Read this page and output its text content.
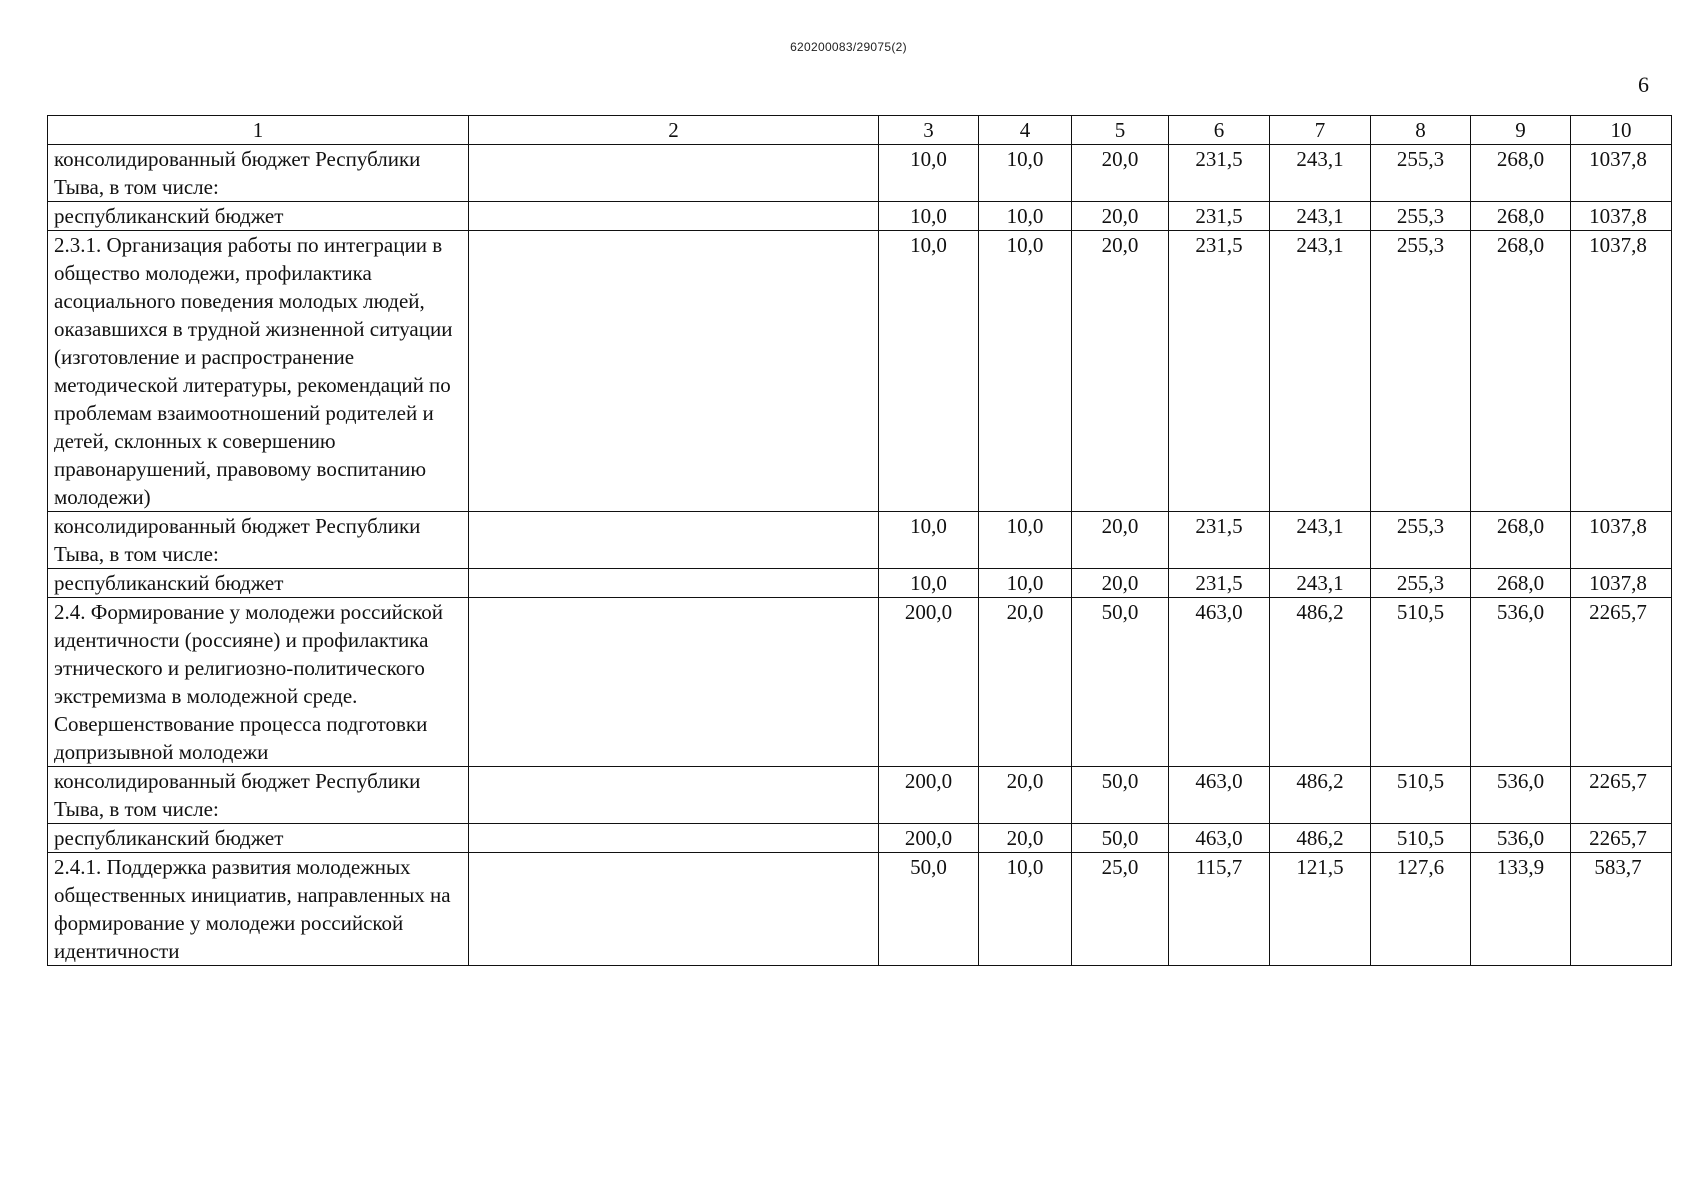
620200083/29075(2)
6
1	2	3	4	5	6	7	8	9	10
консолидированный бюджет Республики Тыва, в том числе:		10,0	10,0	20,0	231,5	243,1	255,3	268,0	1037,8
республиканский бюджет		10,0	10,0	20,0	231,5	243,1	255,3	268,0	1037,8
2.3.1. Организация работы по интеграции в общество молодежи, профилактика асоциального поведения молодых людей, оказавшихся в трудной жизненной ситуации (изготовление и распространение методической литературы, рекомендаций по проблемам взаимоотношений родителей и детей, склонных к совершению правонарушений, правовому воспитанию молодежи)		10,0	10,0	20,0	231,5	243,1	255,3	268,0	1037,8
консолидированный бюджет Республики Тыва, в том числе:		10,0	10,0	20,0	231,5	243,1	255,3	268,0	1037,8
республиканский бюджет		10,0	10,0	20,0	231,5	243,1	255,3	268,0	1037,8
2.4. Формирование у молодежи российской идентичности (россияне) и профилактика этнического и религиозно-политического экстремизма в молодежной среде. Совершенствование процесса подготовки допризывной молодежи		200,0	20,0	50,0	463,0	486,2	510,5	536,0	2265,7
консолидированный бюджет Республики Тыва, в том числе:		200,0	20,0	50,0	463,0	486,2	510,5	536,0	2265,7
республиканский бюджет		200,0	20,0	50,0	463,0	486,2	510,5	536,0	2265,7
2.4.1. Поддержка развития молодежных общественных инициатив, направленных на формирование у молодежи российской идентичности		50,0	10,0	25,0	115,7	121,5	127,6	133,9	583,7
